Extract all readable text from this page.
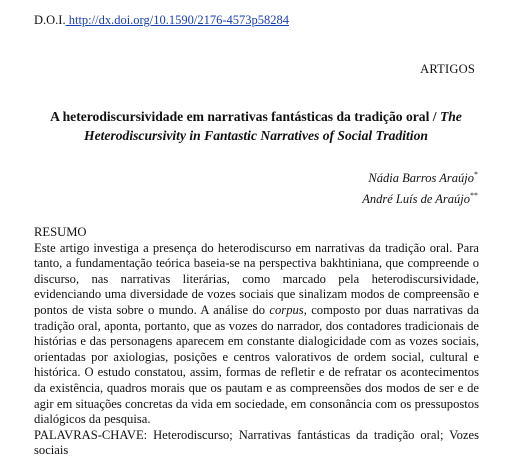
D.O.I. http://dx.doi.org/10.1590/2176-4573p58284
ARTIGOS
A heterodiscursividade em narrativas fantásticas da tradição oral / The Heterodiscursivity in Fantastic Narratives of Social Tradition
Nádia Barros Araújo*
André Luís de Araújo**
RESUMO

Este artigo investiga a presença do heterodiscurso em narrativas da tradição oral. Para tanto, a fundamentação teórica baseia-se na perspectiva bakhtiniana, que compreende o discurso, nas narrativas literárias, como marcado pela heterodiscursividade, evidenciando uma diversidade de vozes sociais que sinalizam modos de compreensão e pontos de vista sobre o mundo. A análise do corpus, composto por duas narrativas da tradição oral, aponta, portanto, que as vozes do narrador, dos contadores tradicionais de histórias e das personagens aparecem em constante dialogicidade com as vozes sociais, orientadas por axiologias, posições e centros valorativos de ordem social, cultural e histórica. O estudo constatou, assim, formas de refletir e de refratar os acontecimentos da existência, quadros morais que os pautam e as compreensões dos modos de ser e de agir em situações concretas da vida em sociedade, em consonância com os pressupostos dialógicos da pesquisa.

PALAVRAS-CHAVE: Heterodiscurso; Narrativas fantásticas da tradição oral; Vozes sociais
